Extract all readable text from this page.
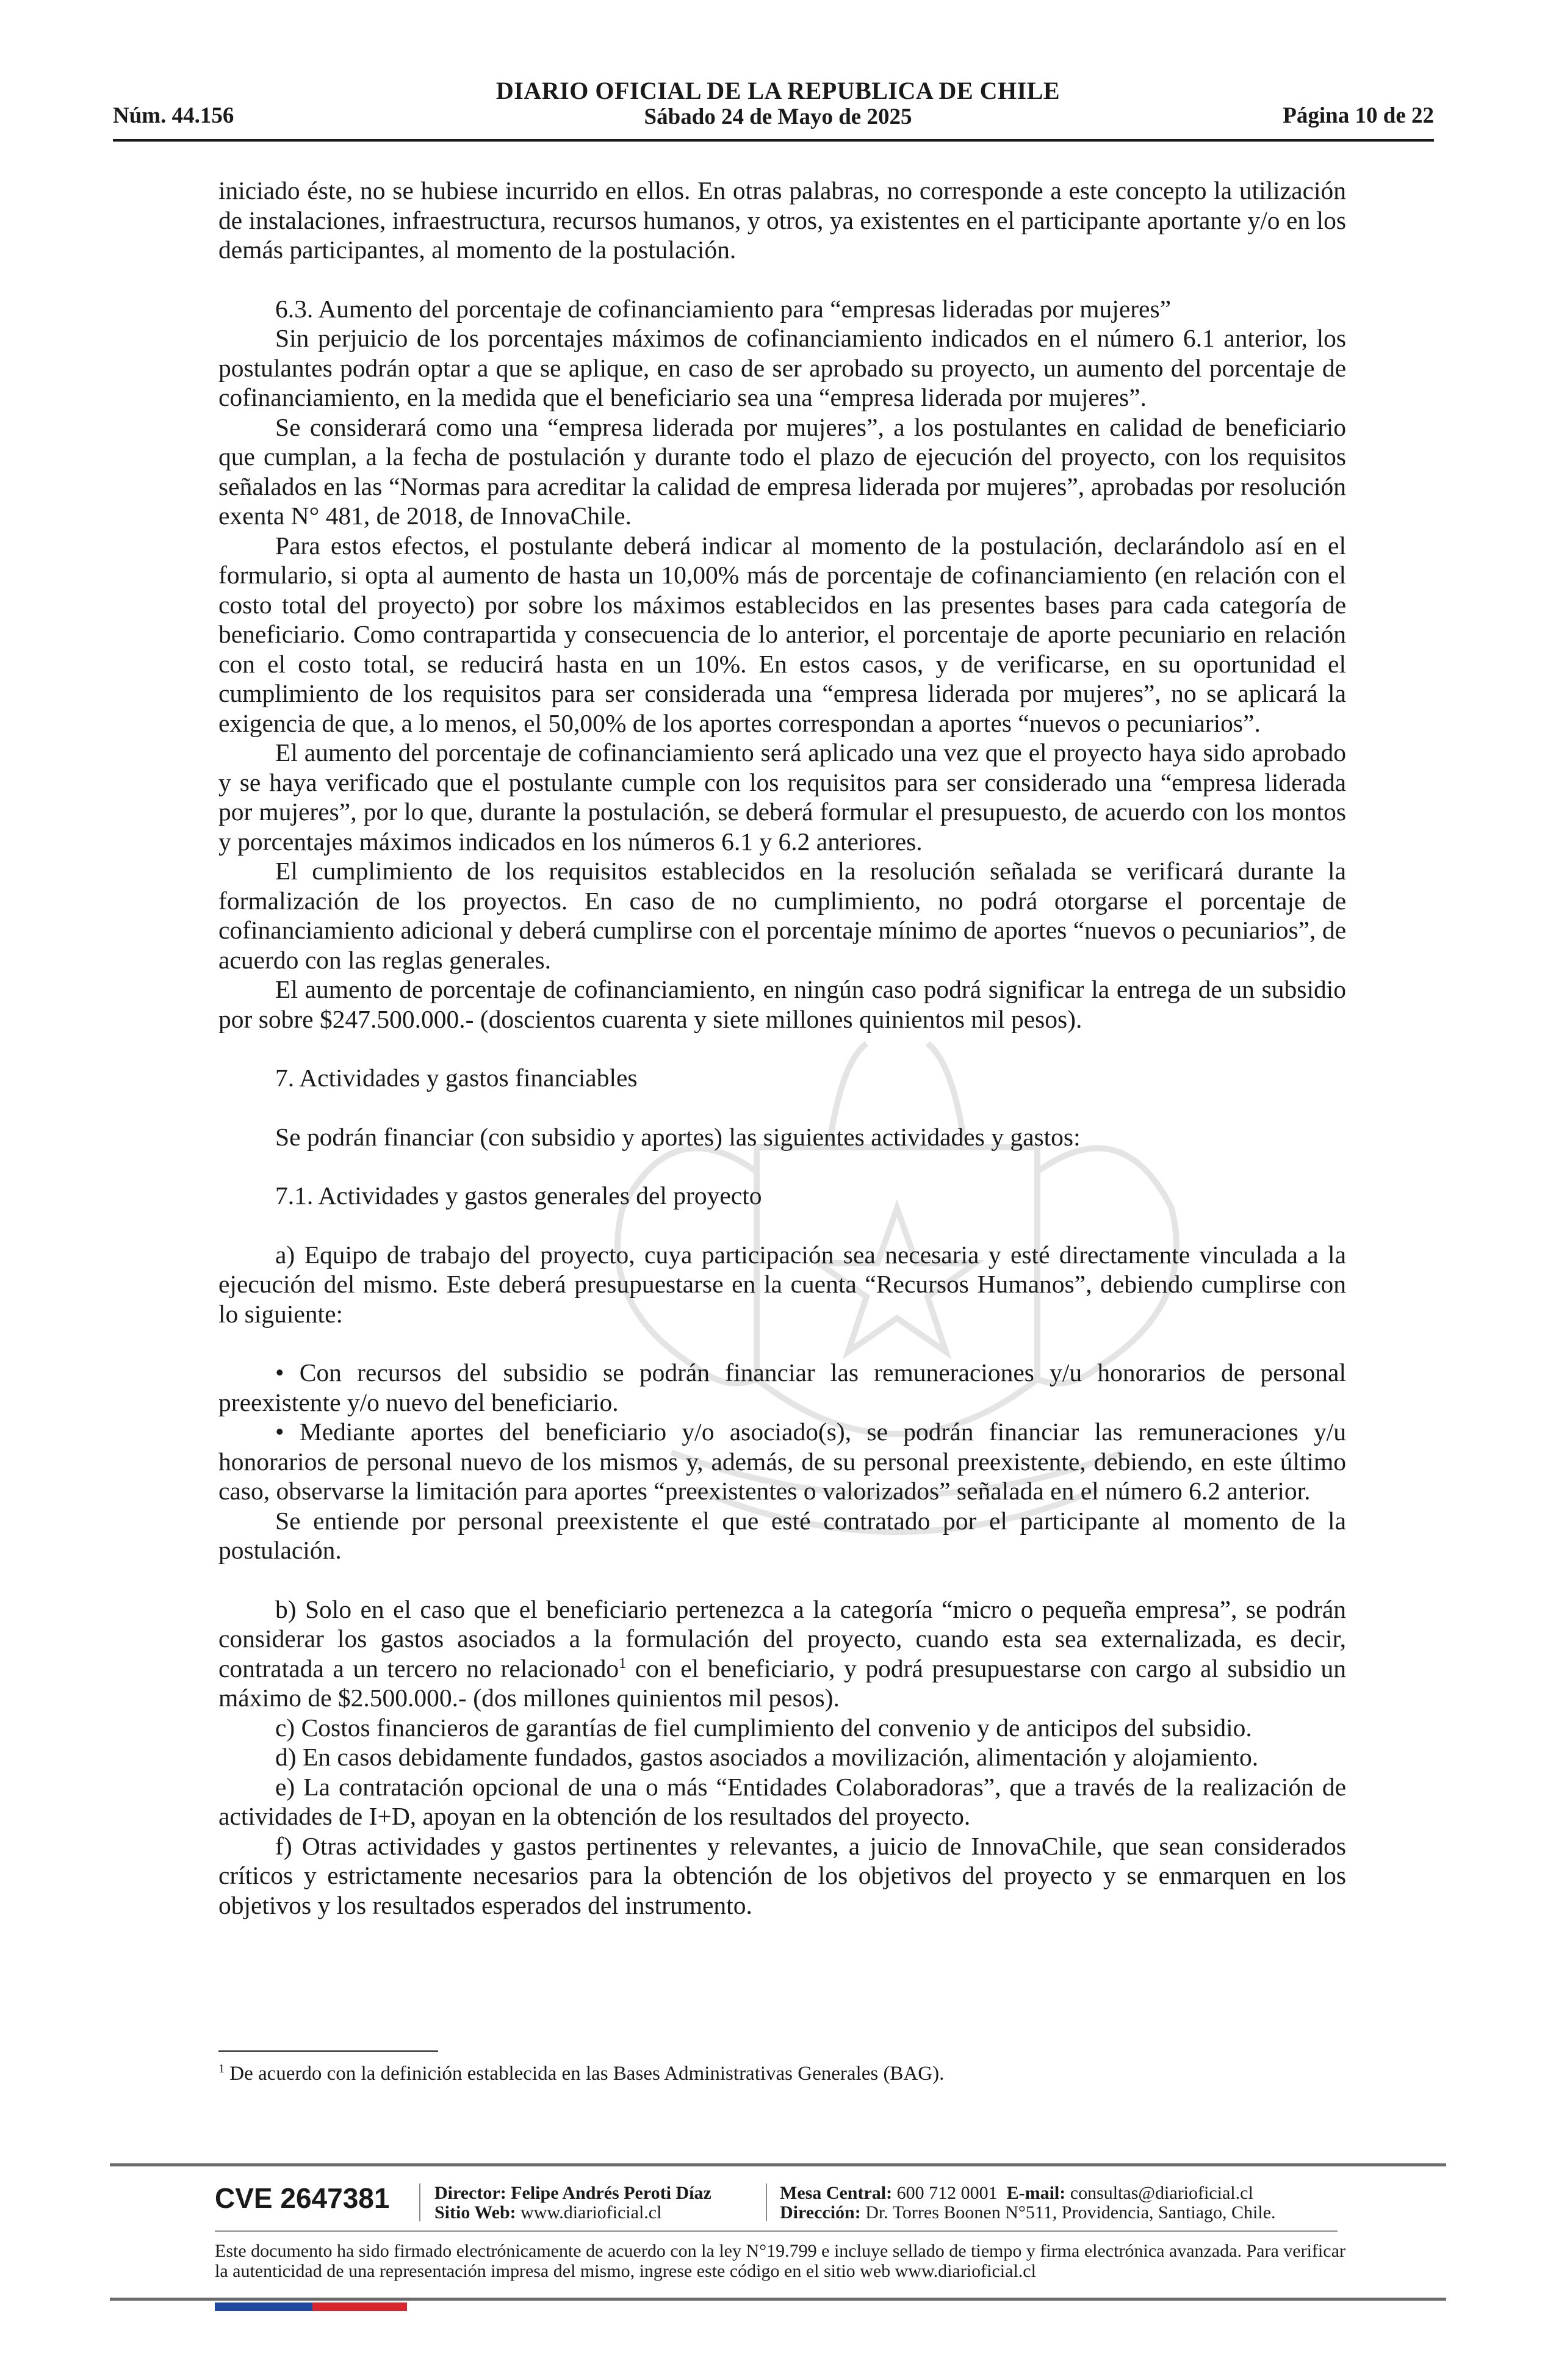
Núm. 44.156
DIARIO OFICIAL DE LA REPUBLICA DE CHILE
Sábado 24 de Mayo de 2025	Página 10 de 22

iniciado éste, no se hubiese incurrido en ellos. En otras palabras, no corresponde a este concepto la utilización de instalaciones, infraestructura, recursos humanos, y otros, ya existentes en el participante aportante y/o en los demás participantes, al momento de la postulación.

6.3. Aumento del porcentaje de cofinanciamiento para “empresas lideradas por mujeres”

Sin perjuicio de los porcentajes máximos de cofinanciamiento indicados en el número 6.1 anterior, los postulantes podrán optar a que se aplique, en caso de ser aprobado su proyecto, un aumento del porcentaje de cofinanciamiento, en la medida que el beneficiario sea una “empresa liderada por mujeres”.

Se considerará como una “empresa liderada por mujeres”, a los postulantes en calidad de beneficiario que cumplan, a la fecha de postulación y durante todo el plazo de ejecución del proyecto, con los requisitos señalados en las “Normas para acreditar la calidad de empresa liderada por mujeres”, aprobadas por resolución exenta N° 481, de 2018, de InnovaChile.

Para estos efectos, el postulante deberá indicar al momento de la postulación, declarándolo así en el formulario, si opta al aumento de hasta un 10,00% más de porcentaje de cofinanciamiento (en relación con el costo total del proyecto) por sobre los máximos establecidos en las presentes bases para cada categoría de beneficiario. Como contrapartida y consecuencia de lo anterior, el porcentaje de aporte pecuniario en relación con el costo total, se reducirá hasta en un 10%. En estos casos, y de verificarse, en su oportunidad el cumplimiento de los requisitos para ser considerada una “empresa liderada por mujeres”, no se aplicará la exigencia de que, a lo menos, el 50,00% de los aportes correspondan a aportes “nuevos o pecuniarios”.

El aumento del porcentaje de cofinanciamiento será aplicado una vez que el proyecto haya sido aprobado y se haya verificado que el postulante cumple con los requisitos para ser considerado una “empresa liderada por mujeres”, por lo que, durante la postulación, se deberá formular el presupuesto, de acuerdo con los montos y porcentajes máximos indicados en los números 6.1 y 6.2 anteriores.

El cumplimiento de los requisitos establecidos en la resolución señalada se verificará durante la formalización de los proyectos. En caso de no cumplimiento, no podrá otorgarse el porcentaje de cofinanciamiento adicional y deberá cumplirse con el porcentaje mínimo de aportes “nuevos o pecuniarios”, de acuerdo con las reglas generales.

El aumento de porcentaje de cofinanciamiento, en ningún caso podrá significar la entrega de un subsidio por sobre $247.500.000.- (doscientos cuarenta y siete millones quinientos mil pesos).

7. Actividades y gastos financiables

Se podrán financiar (con subsidio y aportes) las siguientes actividades y gastos:

7.1. Actividades y gastos generales del proyecto

a) Equipo de trabajo del proyecto, cuya participación sea necesaria y esté directamente vinculada a la ejecución del mismo. Este deberá presupuestarse en la cuenta “Recursos Humanos”, debiendo cumplirse con lo siguiente:

• Con recursos del subsidio se podrán financiar las remuneraciones y/u honorarios de personal preexistente y/o nuevo del beneficiario.

• Mediante aportes del beneficiario y/o asociado(s), se podrán financiar las remuneraciones y/u honorarios de personal nuevo de los mismos y, además, de su personal preexistente, debiendo, en este último caso, observarse la limitación para aportes “preexistentes o valorizados” señalada en el número 6.2 anterior.

Se entiende por personal preexistente el que esté contratado por el participante al momento de la postulación.

b) Solo en el caso que el beneficiario pertenezca a la categoría “micro o pequeña empresa”, se podrán considerar los gastos asociados a la formulación del proyecto, cuando esta sea externalizada, es decir, contratada a un tercero no relacionado$^1$ con el beneficiario, y podrá presupuestarse con cargo al subsidio un máximo de $2.500.000.- (dos millones quinientos mil pesos).

c) Costos financieros de garantías de fiel cumplimiento del convenio y de anticipos del subsidio.

d) En casos debidamente fundados, gastos asociados a movilización, alimentación y alojamiento.

e) La contratación opcional de una o más “Entidades Colaboradoras”, que a través de la realización de actividades de I+D, apoyan en la obtención de los resultados del proyecto.

f) Otras actividades y gastos pertinentes y relevantes, a juicio de InnovaChile, que sean considerados críticos y estrictamente necesarios para la obtención de los objetivos del proyecto y se enmarquen en los objetivos y los resultados esperados del instrumento.

$^1$ De acuerdo con la definición establecida en las Bases Administrativas Generales (BAG).
CVE 2647381 Director: Felipe Andrés Peroti Díaz
Sitio Web: www.diarioficial.cl
Mesa Central: 600 712 0001 E-mail: consultas@diarioficial.cl
Dirección: Dr. Torres Boonen N°511, Providencia, Santiago, Chile.
Este documento ha sido firmado electrónicamente de acuerdo con la ley N°19.799 e incluye sellado de tiempo y firma electrónica avanzada. Para verificar la autenticidad de una representación impresa del mismo, ingrese este código en el sitio web www.diarioficial.cl
